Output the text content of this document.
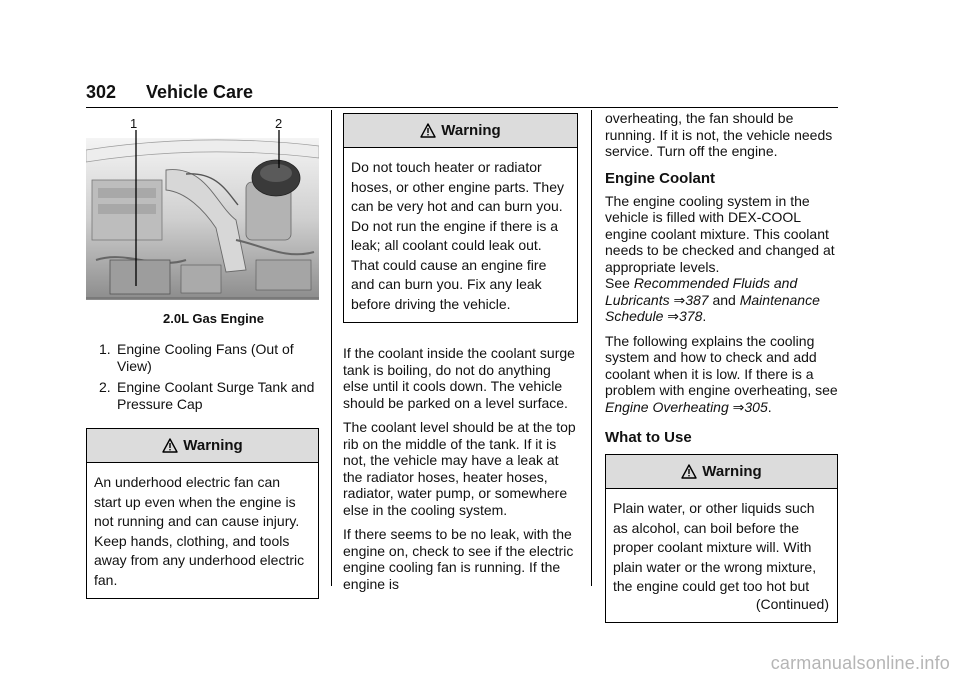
302 Vehicle Care
1	2
2.0L Gas Engine
1. Engine Cooling Fans (Out of View)
2. Engine Coolant Surge Tank and Pressure Cap
Warning
An underhood electric fan can start up even when the engine is not running and can cause injury. Keep hands, clothing, and tools away from any underhood electric fan.
Warning
Do not touch heater or radiator hoses, or other engine parts. They can be very hot and can burn you. Do not run the engine if there is a leak; all coolant could leak out. That could cause an engine fire and can burn you. Fix any leak before driving the vehicle.

If the coolant inside the coolant surge tank is boiling, do not do anything else until it cools down. The vehicle should be parked on a level surface.

The coolant level should be at the top rib on the middle of the tank. If it is not, the vehicle may have a leak at the radiator hoses, heater hoses, radiator, water pump, or somewhere else in the cooling system.

If there seems to be no leak, with the engine on, check to see if the electric engine cooling fan is running. If the engine is

overheating, the fan should be running. If it is not, the vehicle needs service. Turn off the engine.

Engine Coolant

The engine cooling system in the vehicle is filled with DEX-COOL engine coolant mixture. This coolant needs to be checked and changed at appropriate levels.
See Recommended Fluids and Lubricants ⇒387 and Maintenance Schedule ⇒378.

The following explains the cooling system and how to check and add coolant when it is low. If there is a problem with engine overheating, see Engine Overheating ⇒305.

What to Use
Warning
Plain water, or other liquids such as alcohol, can boil before the proper coolant mixture will. With plain water or the wrong mixture, the engine could get too hot but
(Continued)
carmanualsonline.info
